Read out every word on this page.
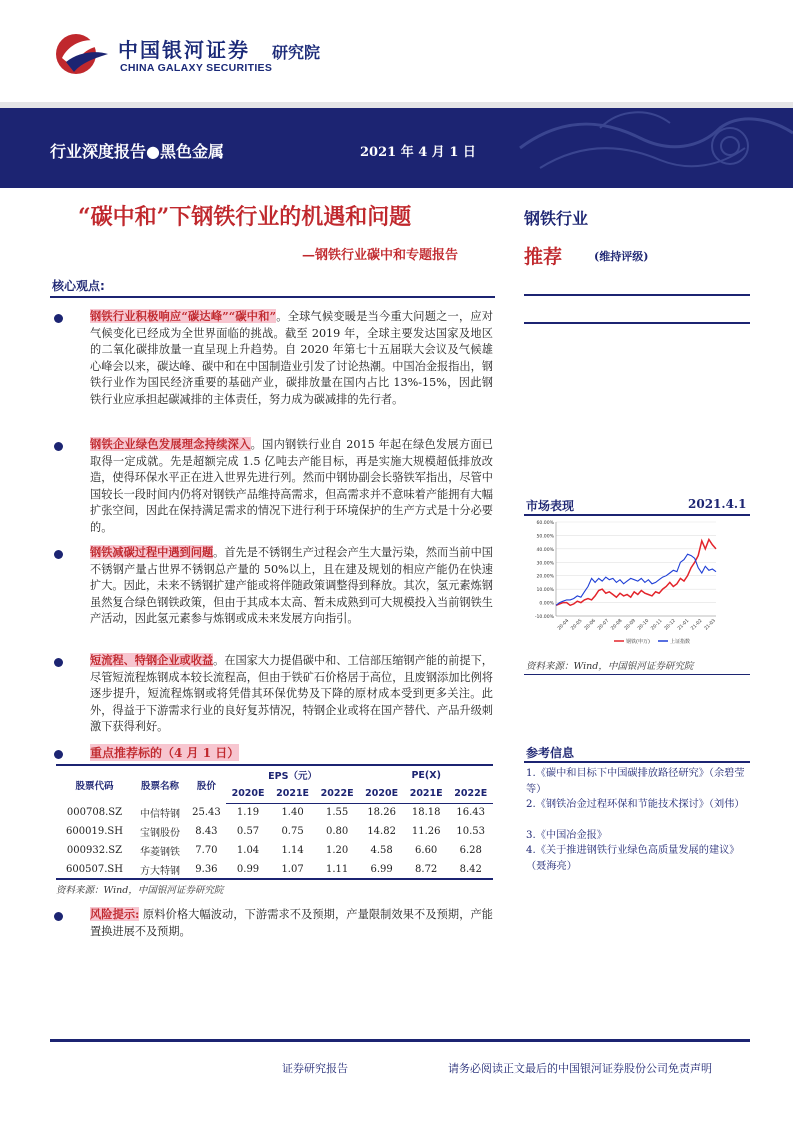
中国银河证券
CHINA GALAXY SECURITIES
研究院
行业深度报告●黑色金属	2021 年 4 月 1 日
“碳中和”下钢铁行业的机遇和问题
—钢铁行业碳中和专题报告
钢铁行业
推荐	(维持评级)
核心观点:

钢铁行业积极响应“碳达峰”“碳中和”。全球气候变暖是当今重大问题之一，应对气候变化已经成为全世界面临的挑战。截至 2019 年，全球主要发达国家及地区的二氧化碳排放量一直呈现上升趋势。自 2020 年第七十五届联大会议及气候雄心峰会以来，碳达峰、碳中和在中国制造业引发了讨论热潮。中国冶金报指出，钢铁行业作为国民经济重要的基础产业，碳排放量在国内占比 13%-15%，因此钢铁行业应承担起碳减排的主体责任，努力成为碳减排的先行者。

钢铁企业绿色发展理念持续深入。国内钢铁行业自 2015 年起在绿色发展方面已取得一定成就。先是超额完成 1.5 亿吨去产能目标，再是实施大规模超低排放改造，使得环保水平正在进入世界先进行列。然而中钢协副会长骆铁军指出，尽管中国较长一段时间内仍将对钢铁产品维持高需求，但高需求并不意味着产能拥有大幅扩张空间，因此在保持满足需求的情况下进行利于环境保护的生产方式是十分必要的。

钢铁减碳过程中遇到问题。首先是不锈钢生产过程会产生大量污染，然而当前中国不锈钢产量占世界不锈钢总产量的 50%以上，且在建及规划的相应产能仍在快速扩大。因此，未来不锈钢扩建产能或将伴随政策调整得到释放。其次，氢元素炼钢虽然复合绿色钢铁政策，但由于其成本太高、暂未成熟到可大规模投入当前钢铁生产活动，因此氢元素参与炼钢或成未来发展方向指引。

短流程、特钢企业或收益。在国家大力提倡碳中和、工信部压缩钢产能的前提下，尽管短流程炼钢成本较长流程高，但由于铁矿石价格居于高位，且废钢添加比例将逐步提升，短流程炼钢或将凭借其环保优势及下降的原材成本受到更多关注。此外，得益于下游需求行业的良好复苏情况，特钢企业或将在国产替代、产品升级刺激下获得利好。

重点推荐标的（4 月 1 日）
股票代码	股票名称	股价	EPS（元）			PE(X)		
			2020E	2021E	2022E	2020E	2021E	2022E
000708.SZ	中信特钢	25.43	1.19	1.40	1.55	18.26	18.18	16.43
600019.SH	宝钢股份	8.43	0.57	0.75	0.80	14.82	11.26	10.53
000932.SZ	华菱钢铁	7.70	1.04	1.14	1.20	4.58	6.60	6.28
600507.SH	方大特钢	9.36	0.99	1.07	1.11	6.99	8.72	8.42
资料来源：Wind，中国银河证券研究院

风险提示: 原料价格大幅波动，下游需求不及预期，产量限制效果不及预期，产能置换进展不及预期。

市场表现	2021.4.1
60.00%
50.00%
40.00%
30.00%
20.00%
10.00%
0.00%
-10.00%
20-04 20-05 20-06 20-07 20-08 20-09 20-10 20-11 20-12 21-01 21-02 21-03
钢铁(申万)	上证指数
资料来源：Wind，中国银河证券研究院
参考信息
1.《碳中和目标下中国碳排放路径研究》（余碧莹等）
2.《钢铁冶金过程环保和节能技术探讨》（刘伟）
3.《中国冶金报》
4.《关于推进钢铁行业绿色高质量发展的建议》（聂海亮）
证券研究报告	请务必阅读正文最后的中国银河证券股份公司免责声明
